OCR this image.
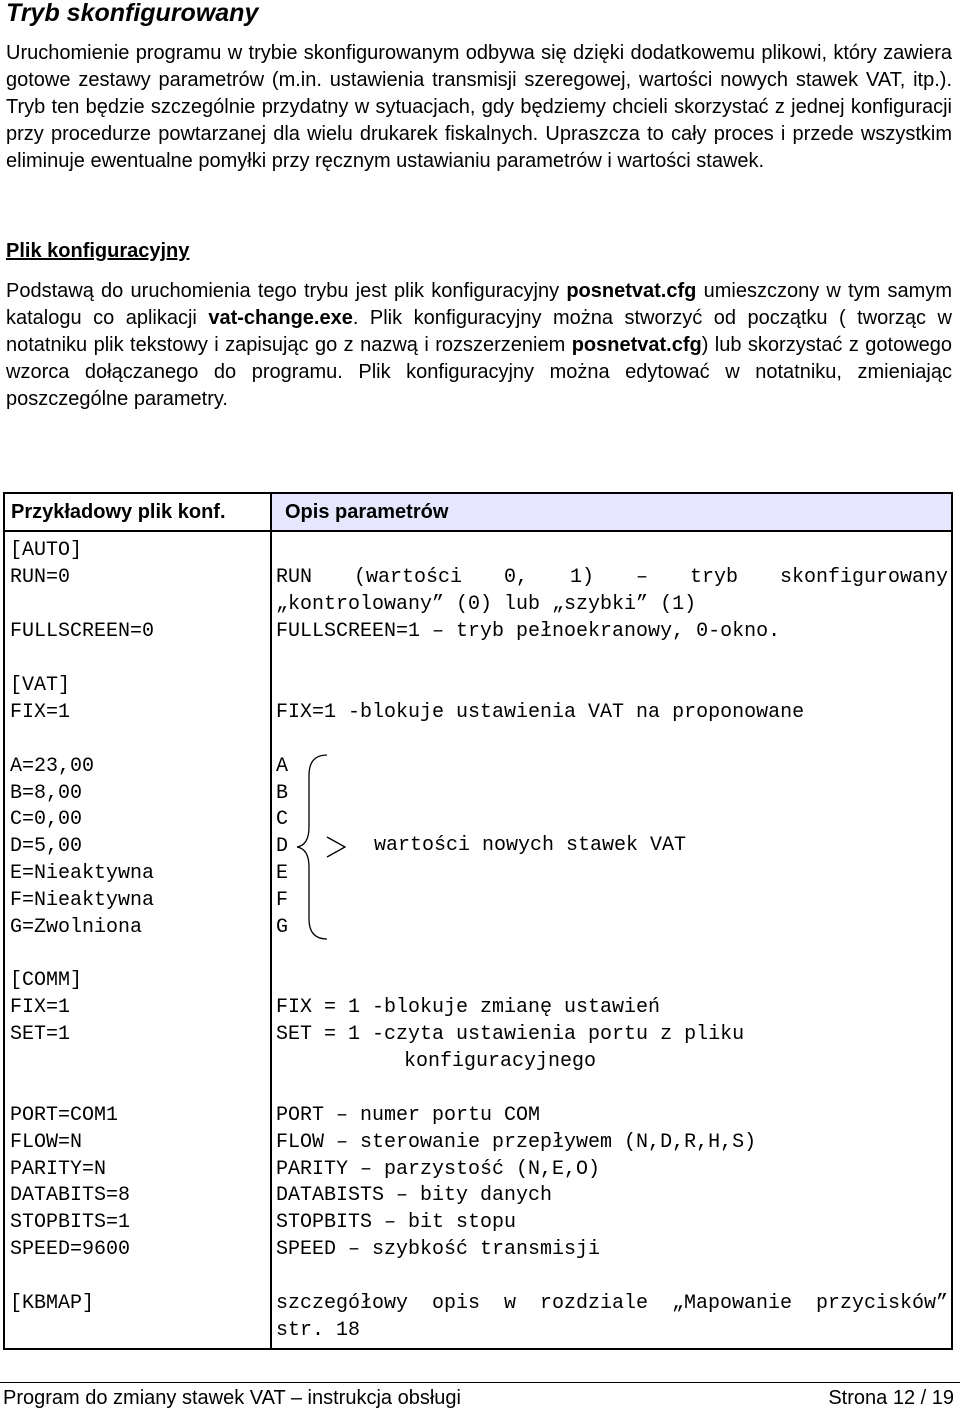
Tryb skonfigurowany
Uruchomienie programu w trybie skonfigurowanym odbywa się dzięki dodatkowemu plikowi, który zawiera gotowe zestawy parametrów (m.in. ustawienia transmisji szeregowej, wartości nowych stawek VAT, itp.). Tryb ten będzie szczególnie przydatny w sytuacjach, gdy będziemy chcieli skorzystać z jednej konfiguracji przy procedurze powtarzanej dla wielu drukarek fiskalnych. Upraszcza to cały proces i przede wszystkim eliminuje ewentualne pomyłki przy ręcznym ustawianiu parametrów i wartości stawek.
Plik konfiguracyjny
Podstawą do uruchomienia tego trybu jest plik konfiguracyjny posnetvat.cfg umieszczony w tym samym katalogu co aplikacji vat-change.exe. Plik konfiguracyjny można stworzyć od początku ( tworząc w notatniku plik tekstowy i zapisując go z nazwą i rozszerzeniem posnetvat.cfg) lub skorzystać z gotowego wzorca dołączanego do programu. Plik konfiguracyjny można edytować w notatniku, zmieniając poszczególne parametry.
Przykładowy plik konf.	Opis parametrów
[AUTO]
RUN=0
FULLSCREEN=0
[VAT]
FIX=1
A=23,00
B=8,00
C=0,00
D=5,00
E=Nieaktywna
F=Nieaktywna
G=Zwolniona
[COMM]
FIX=1
SET=1
PORT=COM1
FLOW=N
PARITY=N
DATABITS=8
STOPBITS=1
SPEED=9600
[KBMAP]
RUN (wartości 0, 1) – tryb skonfigurowany „kontrolowany” (0) lub „szybki” (1)
FULLSCREEN=1 – tryb pełnoekranowy, 0-okno.
FIX=1 -blokuje ustawienia VAT na proponowane
A
B
C
D
E
F
G
wartości nowych stawek VAT
FIX = 1 -blokuje zmianę ustawień
SET = 1 -czyta ustawienia portu z pliku
konfiguracyjnego
PORT – numer portu COM
FLOW – sterowanie przepływem (N,D,R,H,S)
PARITY – parzystość (N,E,O)
DATABISTS – bity danych
STOPBITS – bit stopu
SPEED – szybkość transmisji
szczegółowy opis w rozdziale „Mapowanie przycisków” str. 18
Program do zmiany stawek VAT – instrukcja obsługi	Strona 12 / 19
